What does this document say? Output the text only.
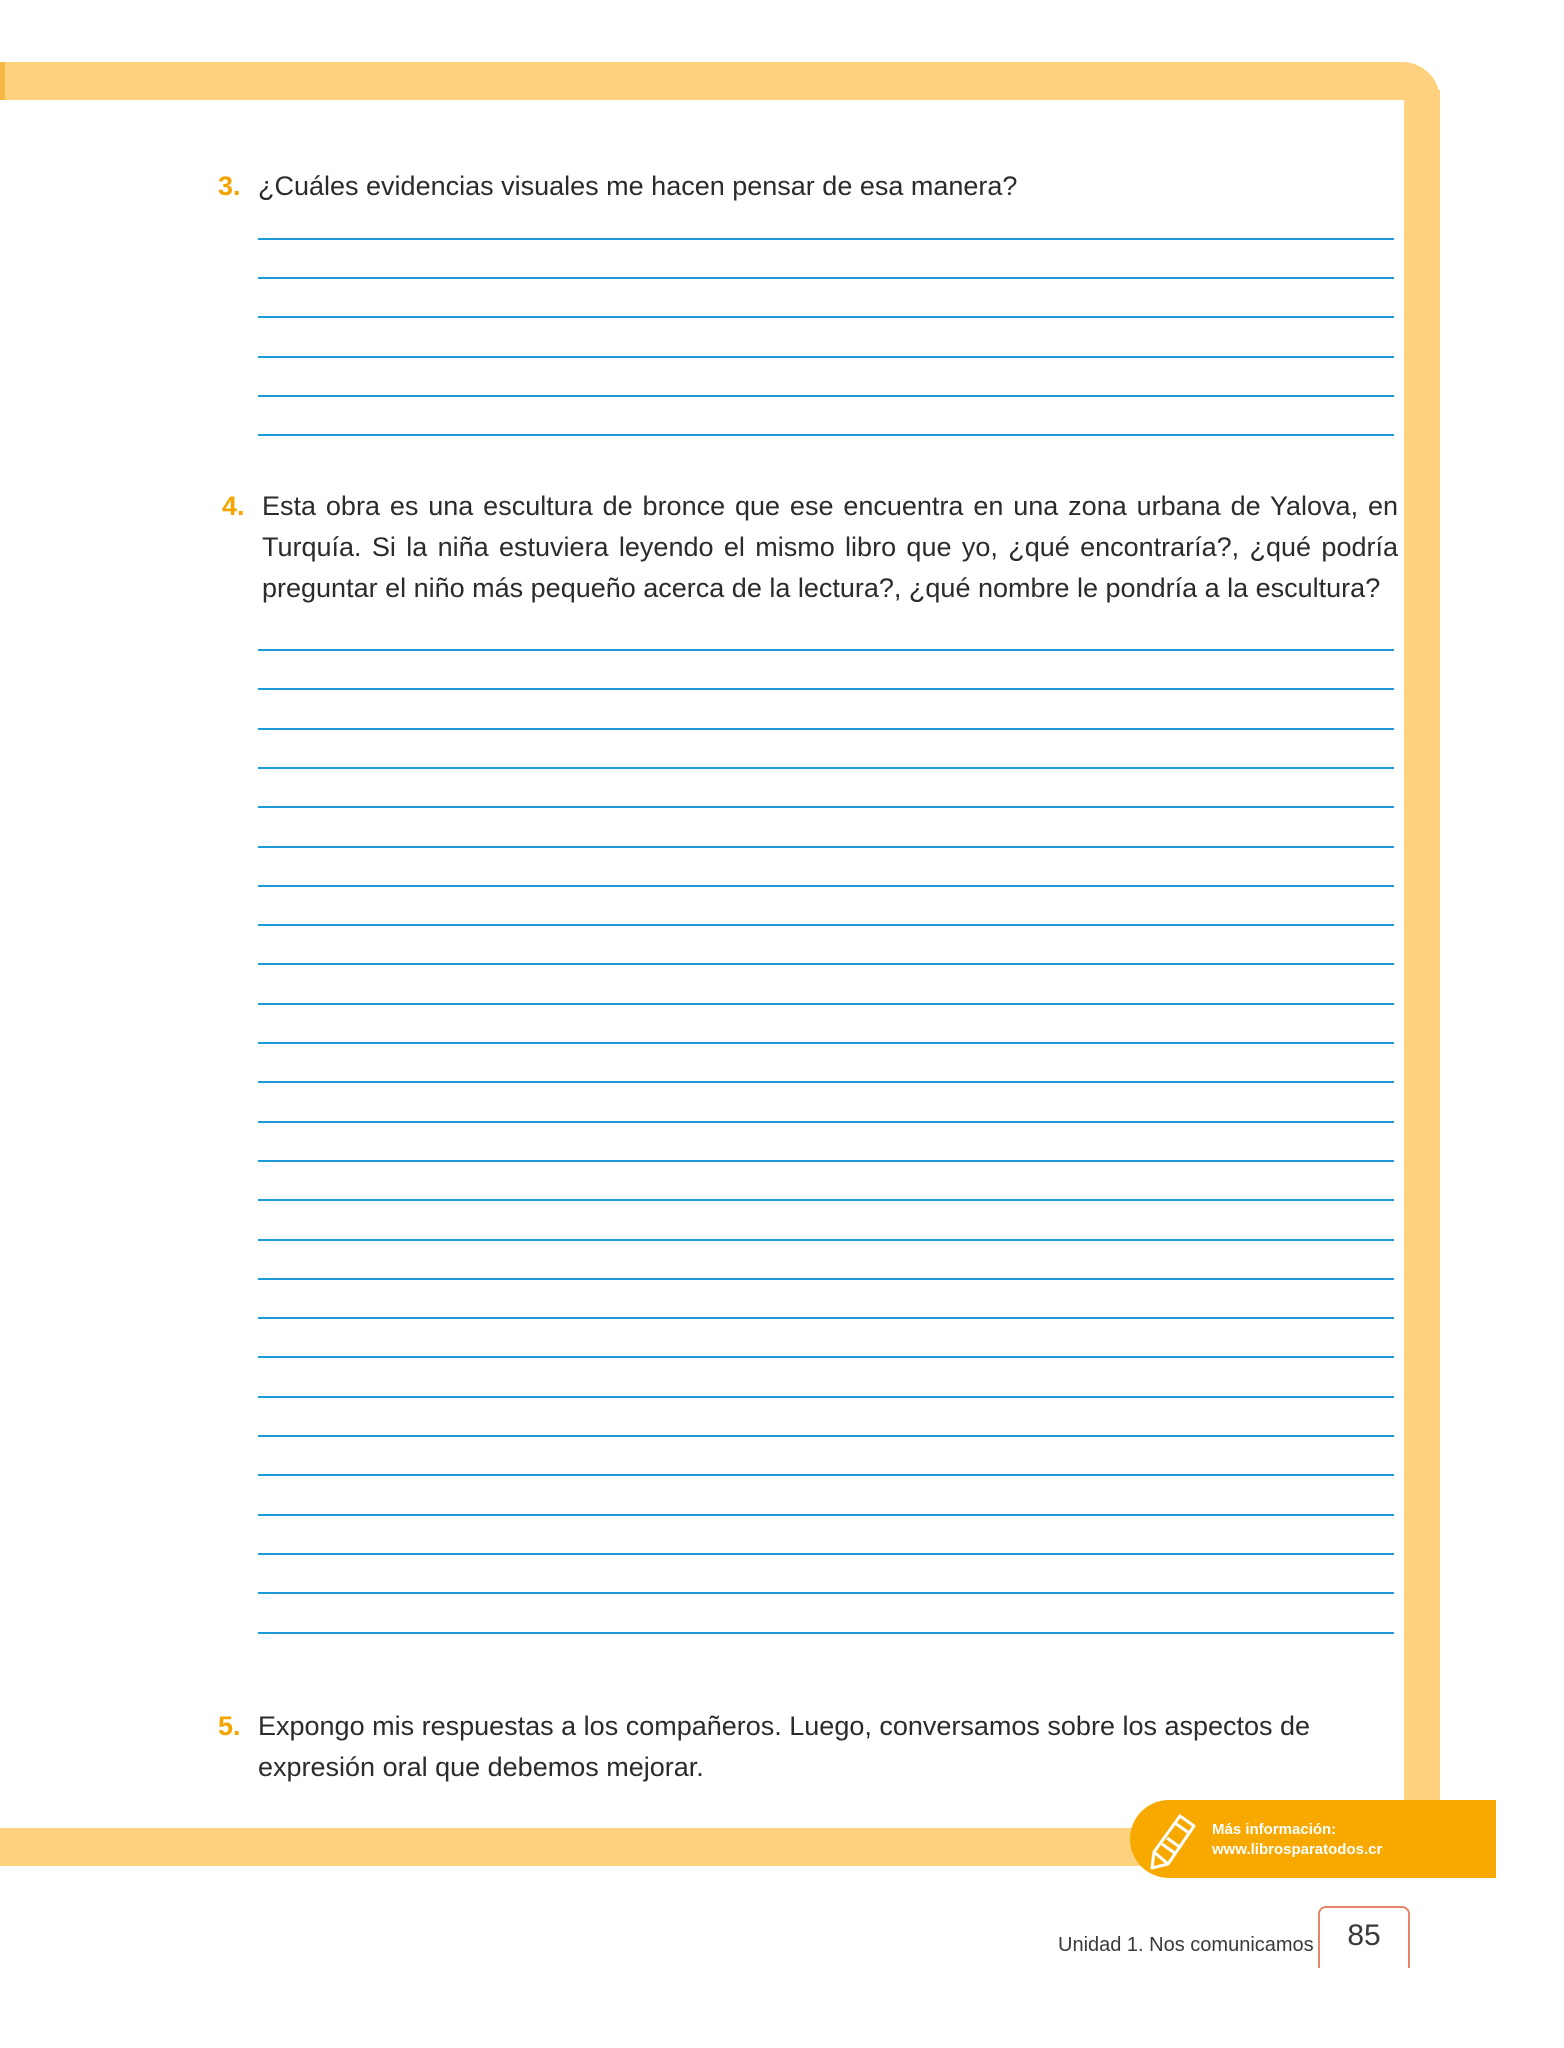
3. ¿Cuáles evidencias visuales me hacen pensar de esa manera?
4. Esta obra es una escultura de bronce que ese encuentra en una zona urbana de Yalova, en Turquía. Si la niña estuviera leyendo el mismo libro que yo, ¿qué encontraría?, ¿qué podría preguntar el niño más pequeño acerca de la lectura?, ¿qué nombre le pondría a la escultura?
5. Expongo mis respuestas a los compañeros. Luego, conversamos sobre los aspectos de expresión oral que debemos mejorar.
Más información:
www.librosparatodos.cr
Unidad 1. Nos comunicamos	85
